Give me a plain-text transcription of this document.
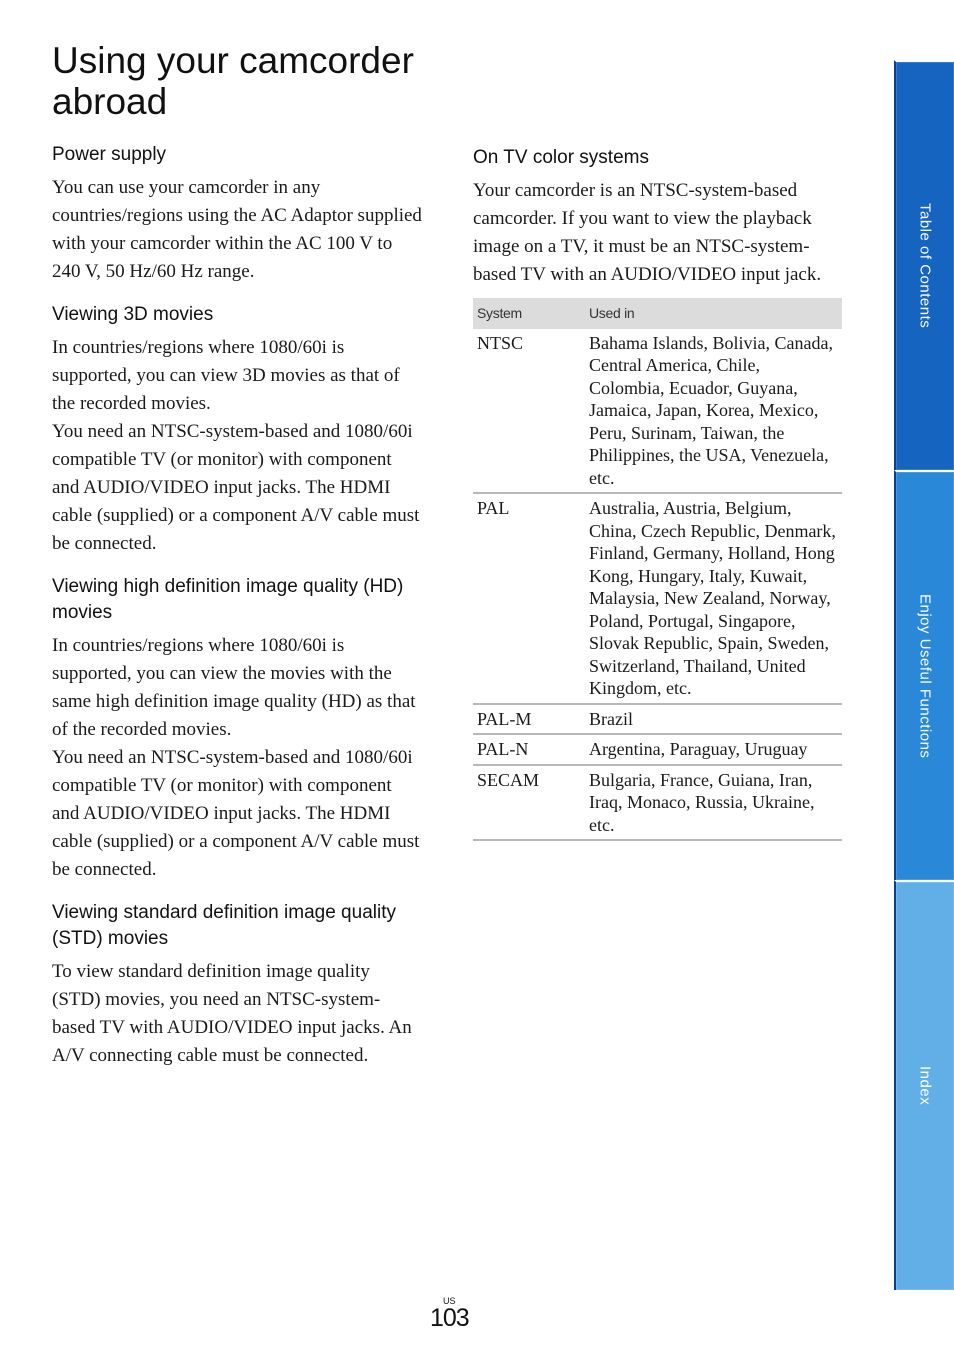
Using your camcorder abroad
Power supply

You can use your camcorder in any countries/regions using the AC Adaptor supplied with your camcorder within the AC 100 V to 240 V, 50 Hz/60 Hz range.

Viewing 3D movies

In countries/regions where 1080/60i is supported, you can view 3D movies as that of the recorded movies.

You need an NTSC-system-based and 1080/60i compatible TV (or monitor) with component and AUDIO/VIDEO input jacks. The HDMI cable (supplied) or a component A/V cable must be connected.

Viewing high definition image quality (HD) movies

In countries/regions where 1080/60i is supported, you can view the movies with the same high definition image quality (HD) as that of the recorded movies.

You need an NTSC-system-based and 1080/60i compatible TV (or monitor) with component and AUDIO/VIDEO input jacks. The HDMI cable (supplied) or a component A/V cable must be connected.

Viewing standard definition image quality (STD) movies

To view standard definition image quality (STD) movies, you need an NTSC-system-based TV with AUDIO/VIDEO input jacks. An A/V connecting cable must be connected.

On TV color systems

Your camcorder is an NTSC-system-based camcorder. If you want to view the playback image on a TV, it must be an NTSC-system-based TV with an AUDIO/VIDEO input jack.

System	Used in
NTSC	Bahama Islands, Bolivia, Canada, Central America, Chile, Colombia, Ecuador, Guyana, Jamaica, Japan, Korea, Mexico, Peru, Surinam, Taiwan, the Philippines, the USA, Venezuela, etc.
PAL	Australia, Austria, Belgium, China, Czech Republic, Denmark, Finland, Germany, Holland, Hong Kong, Hungary, Italy, Kuwait, Malaysia, New Zealand, Norway, Poland, Portugal, Singapore, Slovak Republic, Spain, Sweden, Switzerland, Thailand, United Kingdom, etc.
PAL-M	Brazil
PAL-N	Argentina, Paraguay, Uruguay
SECAM	Bulgaria, France, Guiana, Iran, Iraq, Monaco, Russia, Ukraine, etc.
Table of Contents
Enjoy Useful Functions
Index
US
103
